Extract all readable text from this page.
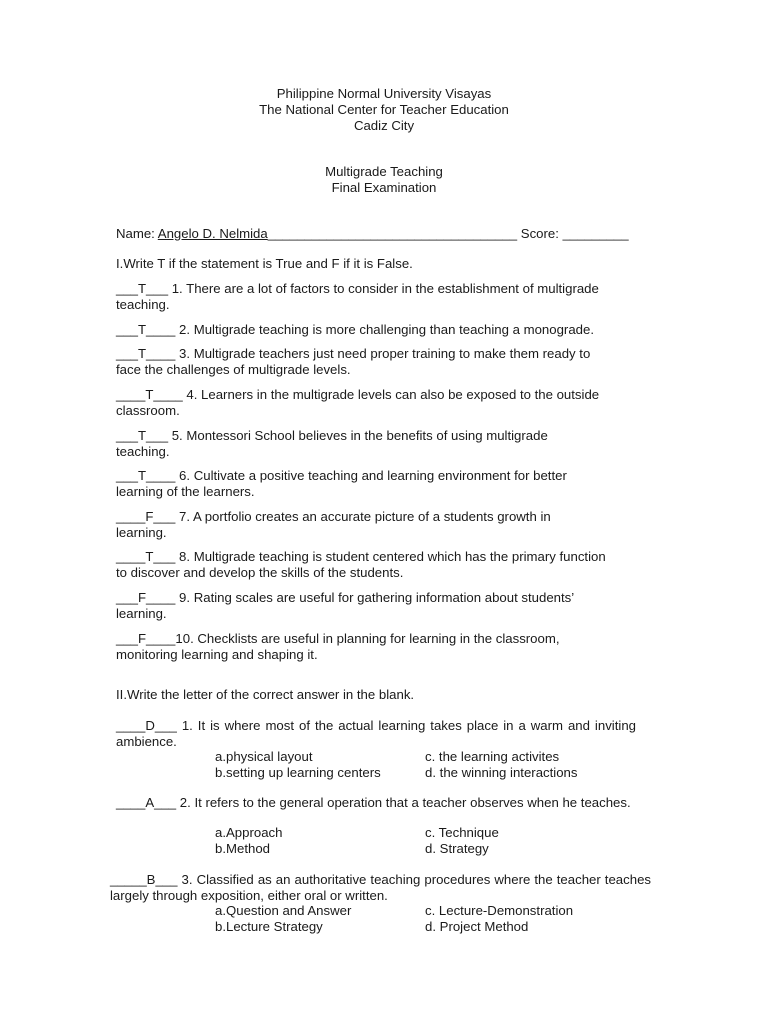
Philippine Normal University Visayas
The National Center for Teacher Education
Cadiz City
Multigrade Teaching
Final Examination
Name: Angelo D. Nelmida__________________________________ Score: _________
I.Write T if the statement is True and F if it is False.
___T___ 1. There are a lot of factors to consider in the establishment of multigrade
teaching.
___T____ 2. Multigrade teaching is more challenging than teaching a monograde.
___T____ 3. Multigrade teachers just need proper training to make them ready to
face the challenges of multigrade levels.
____T____ 4. Learners in the multigrade levels can also be exposed to the outside
classroom.
___T___ 5. Montessori School believes in the benefits of using multigrade
teaching.
___T____ 6. Cultivate a positive teaching and learning environment for better
learning of the learners.
____F___ 7. A portfolio creates an accurate picture of a students growth in
learning.
____T___ 8. Multigrade teaching is student centered which has the primary function
to discover and develop the skills of the students.
___F____ 9. Rating scales are useful for gathering information about students’
learning.
___F____10. Checklists are useful in planning for learning in the classroom,
monitoring learning and shaping it.
II.Write the letter of the correct answer in the blank.
____D___ 1. It is where most of the actual learning takes place in a warm and inviting ambience.
a.physical layout	c. the learning activites
b.setting up learning centers	d. the winning interactions
____A___ 2. It refers to the general operation that a teacher observes when he teaches.
a.Approach	c. Technique
b.Method	d. Strategy
_____B___ 3. Classified as an authoritative teaching procedures where the teacher teaches largely through exposition, either oral or written.
a.Question and Answer	c. Lecture-Demonstration
b.Lecture Strategy	d. Project Method
